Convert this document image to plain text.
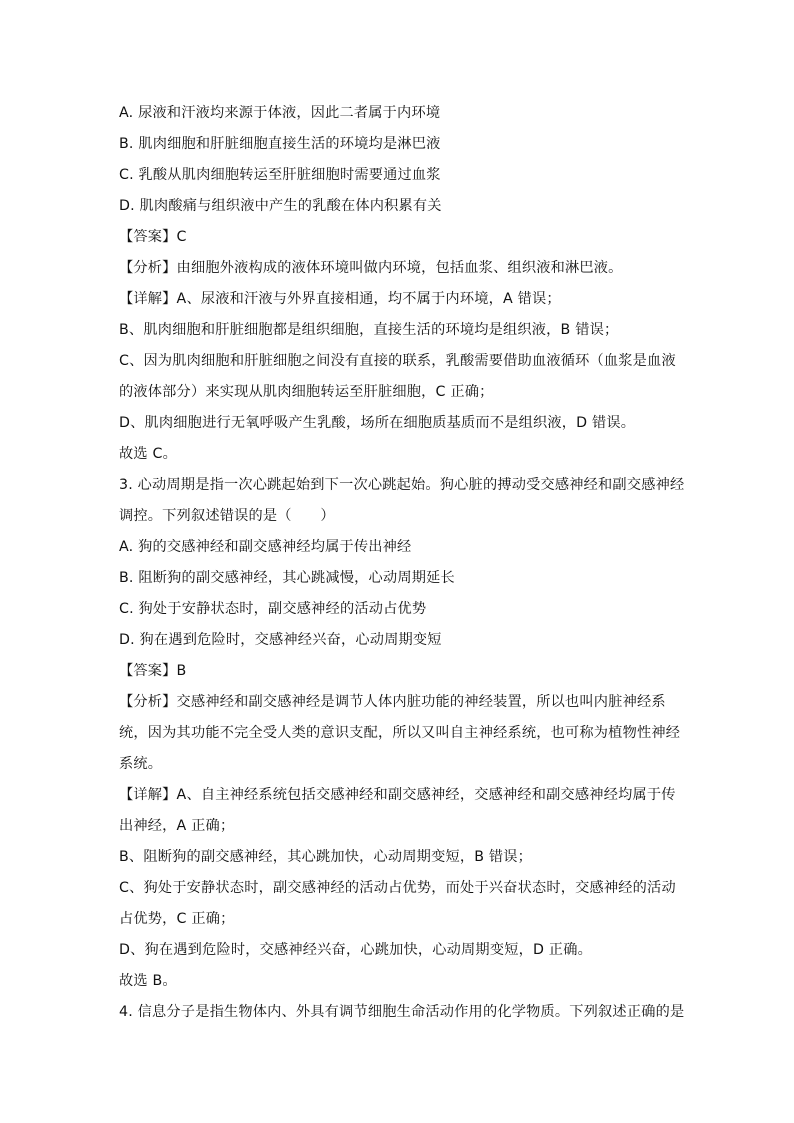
A. 尿液和汗液均来源于体液，因此二者属于内环境
B. 肌肉细胞和肝脏细胞直接生活的环境均是淋巴液
C. 乳酸从肌肉细胞转运至肝脏细胞时需要通过血浆
D. 肌肉酸痛与组织液中产生的乳酸在体内积累有关
【答案】C
【分析】由细胞外液构成的液体环境叫做内环境，包括血浆、组织液和淋巴液。
【详解】A、尿液和汗液与外界直接相通，均不属于内环境，A 错误；
B、肌肉细胞和肝脏细胞都是组织细胞，直接生活的环境均是组织液，B 错误；
C、因为肌肉细胞和肝脏细胞之间没有直接的联系，乳酸需要借助血液循环（血浆是血液
的液体部分）来实现从肌肉细胞转运至肝脏细胞，C 正确；
D、肌肉细胞进行无氧呼吸产生乳酸，场所在细胞质基质而不是组织液，D 错误。
故选 C。
3. 心动周期是指一次心跳起始到下一次心跳起始。狗心脏的搏动受交感神经和副交感神经
调控。下列叙述错误的是（　　）
A. 狗的交感神经和副交感神经均属于传出神经
B. 阻断狗的副交感神经，其心跳减慢，心动周期延长
C. 狗处于安静状态时，副交感神经的活动占优势
D. 狗在遇到危险时，交感神经兴奋，心动周期变短
【答案】B
【分析】交感神经和副交感神经是调节人体内脏功能的神经装置，所以也叫内脏神经系
统，因为其功能不完全受人类的意识支配，所以又叫自主神经系统，也可称为植物性神经
系统。
【详解】A、自主神经系统包括交感神经和副交感神经，交感神经和副交感神经均属于传
出神经，A 正确；
B、阻断狗的副交感神经，其心跳加快，心动周期变短，B 错误；
C、狗处于安静状态时，副交感神经的活动占优势，而处于兴奋状态时，交感神经的活动
占优势，C 正确；
D、狗在遇到危险时，交感神经兴奋，心跳加快，心动周期变短，D 正确。
故选 B。
4. 信息分子是指生物体内、外具有调节细胞生命活动作用的化学物质。下列叙述正确的是
